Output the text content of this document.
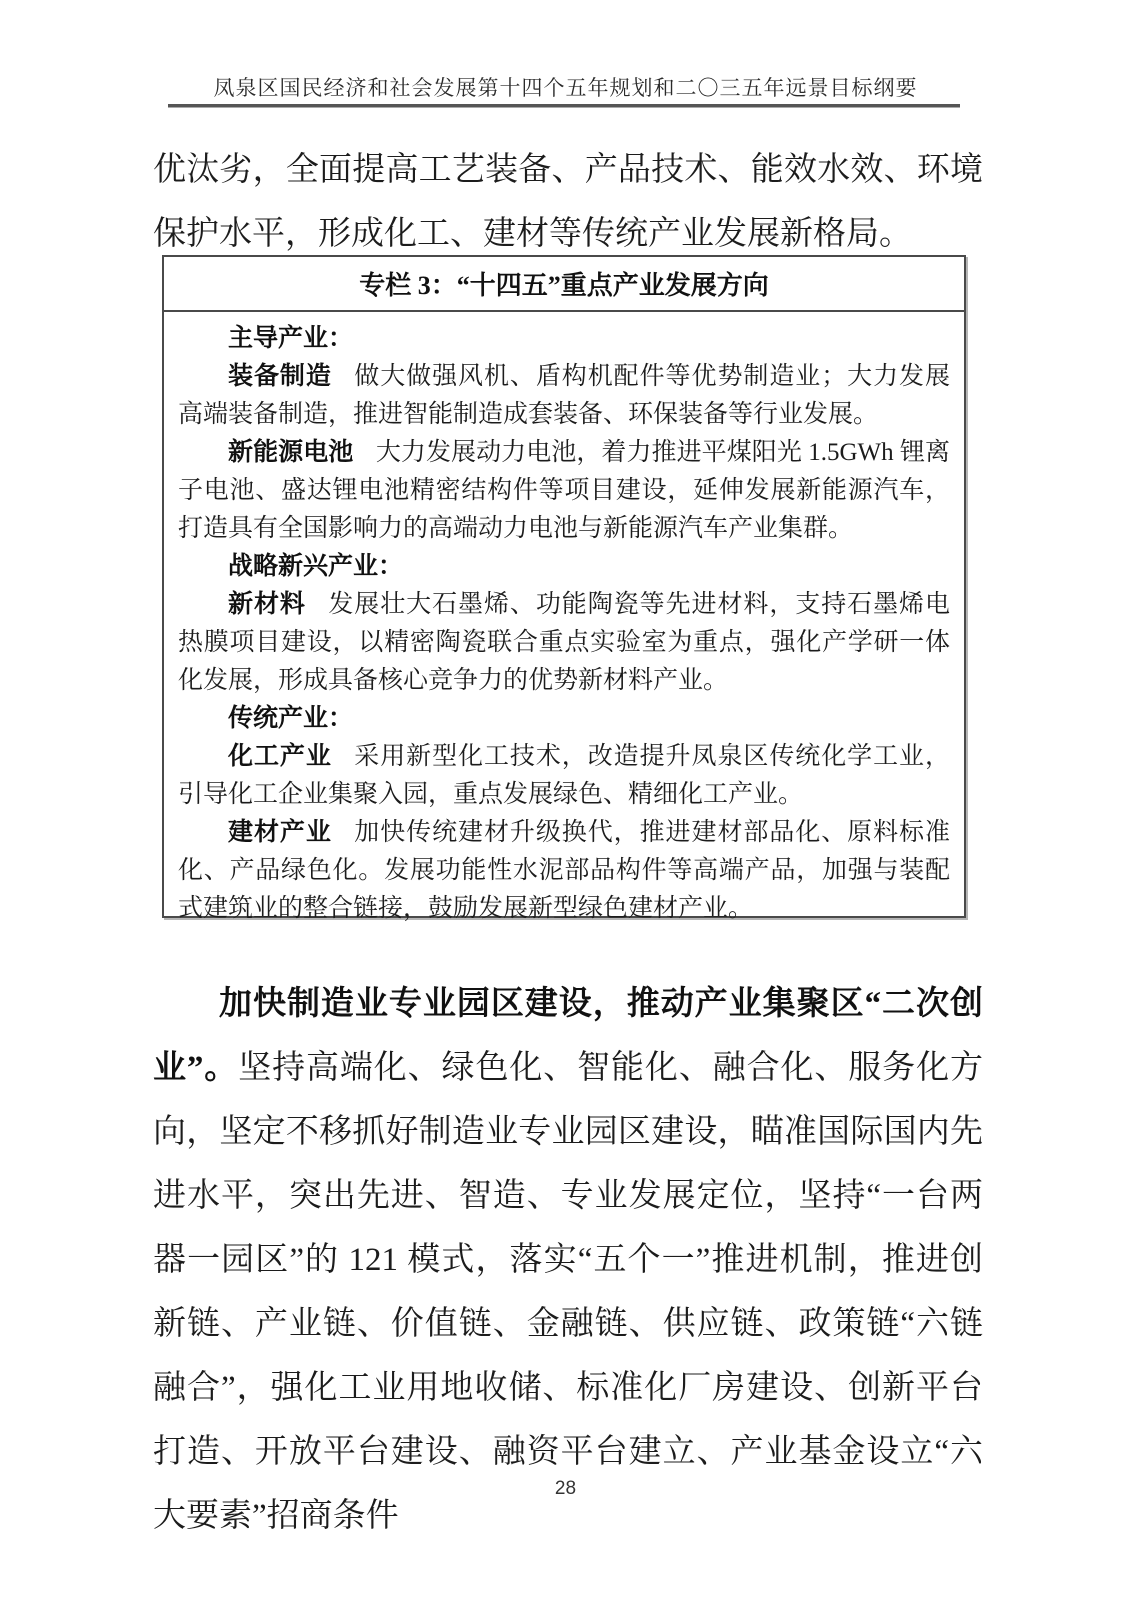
凤泉区国民经济和社会发展第十四个五年规划和二〇三五年远景目标纲要

优汰劣，全面提高工艺装备、产品技术、能效水效、环境保护水平，形成化工、建材等传统产业发展新格局。

专栏 3：“十四五”重点产业发展方向

主导产业：

装备制造 做大做强风机、盾构机配件等优势制造业；大力发展高端装备制造，推进智能制造成套装备、环保装备等行业发展。

新能源电池 大力发展动力电池，着力推进平煤阳光 1.5GWh 锂离子电池、盛达锂电池精密结构件等项目建设，延伸发展新能源汽车，打造具有全国影响力的高端动力电池与新能源汽车产业集群。

战略新兴产业：

新材料 发展壮大石墨烯、功能陶瓷等先进材料，支持石墨烯电热膜项目建设，以精密陶瓷联合重点实验室为重点，强化产学研一体化发展，形成具备核心竞争力的优势新材料产业。

传统产业：

化工产业 采用新型化工技术，改造提升凤泉区传统化学工业，引导化工企业集聚入园，重点发展绿色、精细化工产业。

建材产业 加快传统建材升级换代，推进建材部品化、原料标准化、产品绿色化。发展功能性水泥部品构件等高端产品，加强与装配式建筑业的整合链接，鼓励发展新型绿色建材产业。

加快制造业专业园区建设，推动产业集聚区“二次创业”。坚持高端化、绿色化、智能化、融合化、服务化方向，坚定不移抓好制造业专业园区建设，瞄准国际国内先进水平，突出先进、智造、专业发展定位，坚持“一台两器一园区”的 121 模式，落实“五个一”推进机制，推进创新链、产业链、价值链、金融链、供应链、政策链“六链融合”，强化工业用地收储、标准化厂房建设、创新平台打造、开放平台建设、融资平台建立、产业基金设立“六大要素”招商条件

28
